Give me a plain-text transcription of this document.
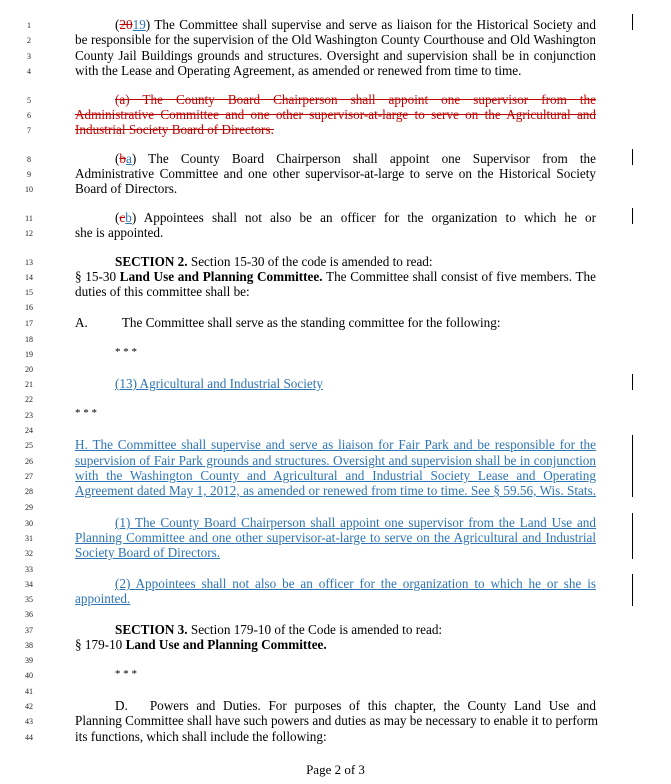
1
2
3
4
5
6
7
8
9
10
11
12
13
14
15
16
17
18
19
20
21
22
23
24
25
26
27
28
29
30
31
32
33
34
35
36
37
38
39
40
41
42
43
44
(2019) The Committee shall supervise and serve as liaison for the Historical Society and
be responsible for the supervision of the Old Washington County Courthouse and Old Washington
County Jail Buildings grounds and structures. Oversight and supervision shall be in conjunction
with the Lease and Operating Agreement, as amended or renewed from time to time.
(a) The County Board Chairperson shall appoint one supervisor from the
Administrative Committee and one other supervisor-at-large to serve on the Agricultural and
Industrial Society Board of Directors.
(ba) The County Board Chairperson shall appoint one Supervisor from the
Administrative Committee and one other supervisor-at-large to serve on the Historical Society
Board of Directors.
(cb) Appointees shall not also be an officer for the organization to which he or
she is appointed.
SECTION 2. Section 15-30 of the code is amended to read:
§ 15-30 Land Use and Planning Committee. The Committee shall consist of five members. The
duties of this committee shall be:
A.	The Committee shall serve as the standing committee for the following:
* * *
(13) Agricultural and Industrial Society
* * *
H. The Committee shall supervise and serve as liaison for Fair Park and be responsible for the
supervision of Fair Park grounds and structures. Oversight and supervision shall be in conjunction
with the Washington County and Agricultural and Industrial Society Lease and Operating
Agreement dated May 1, 2012, as amended or renewed from time to time. See § 59.56, Wis. Stats.
(1) The County Board Chairperson shall appoint one supervisor from the Land Use and
Planning Committee and one other supervisor-at-large to serve on the Agricultural and Industrial
Society Board of Directors.
(2) Appointees shall not also be an officer for the organization to which he or she is
appointed.
SECTION 3. Section 179-10 of the Code is amended to read:
§ 179-10 Land Use and Planning Committee.
* * *
D. Powers and Duties. For purposes of this chapter, the County Land Use and
Planning Committee shall have such powers and duties as may be necessary to enable it to perform
its functions, which shall include the following:
Page 2 of 3
